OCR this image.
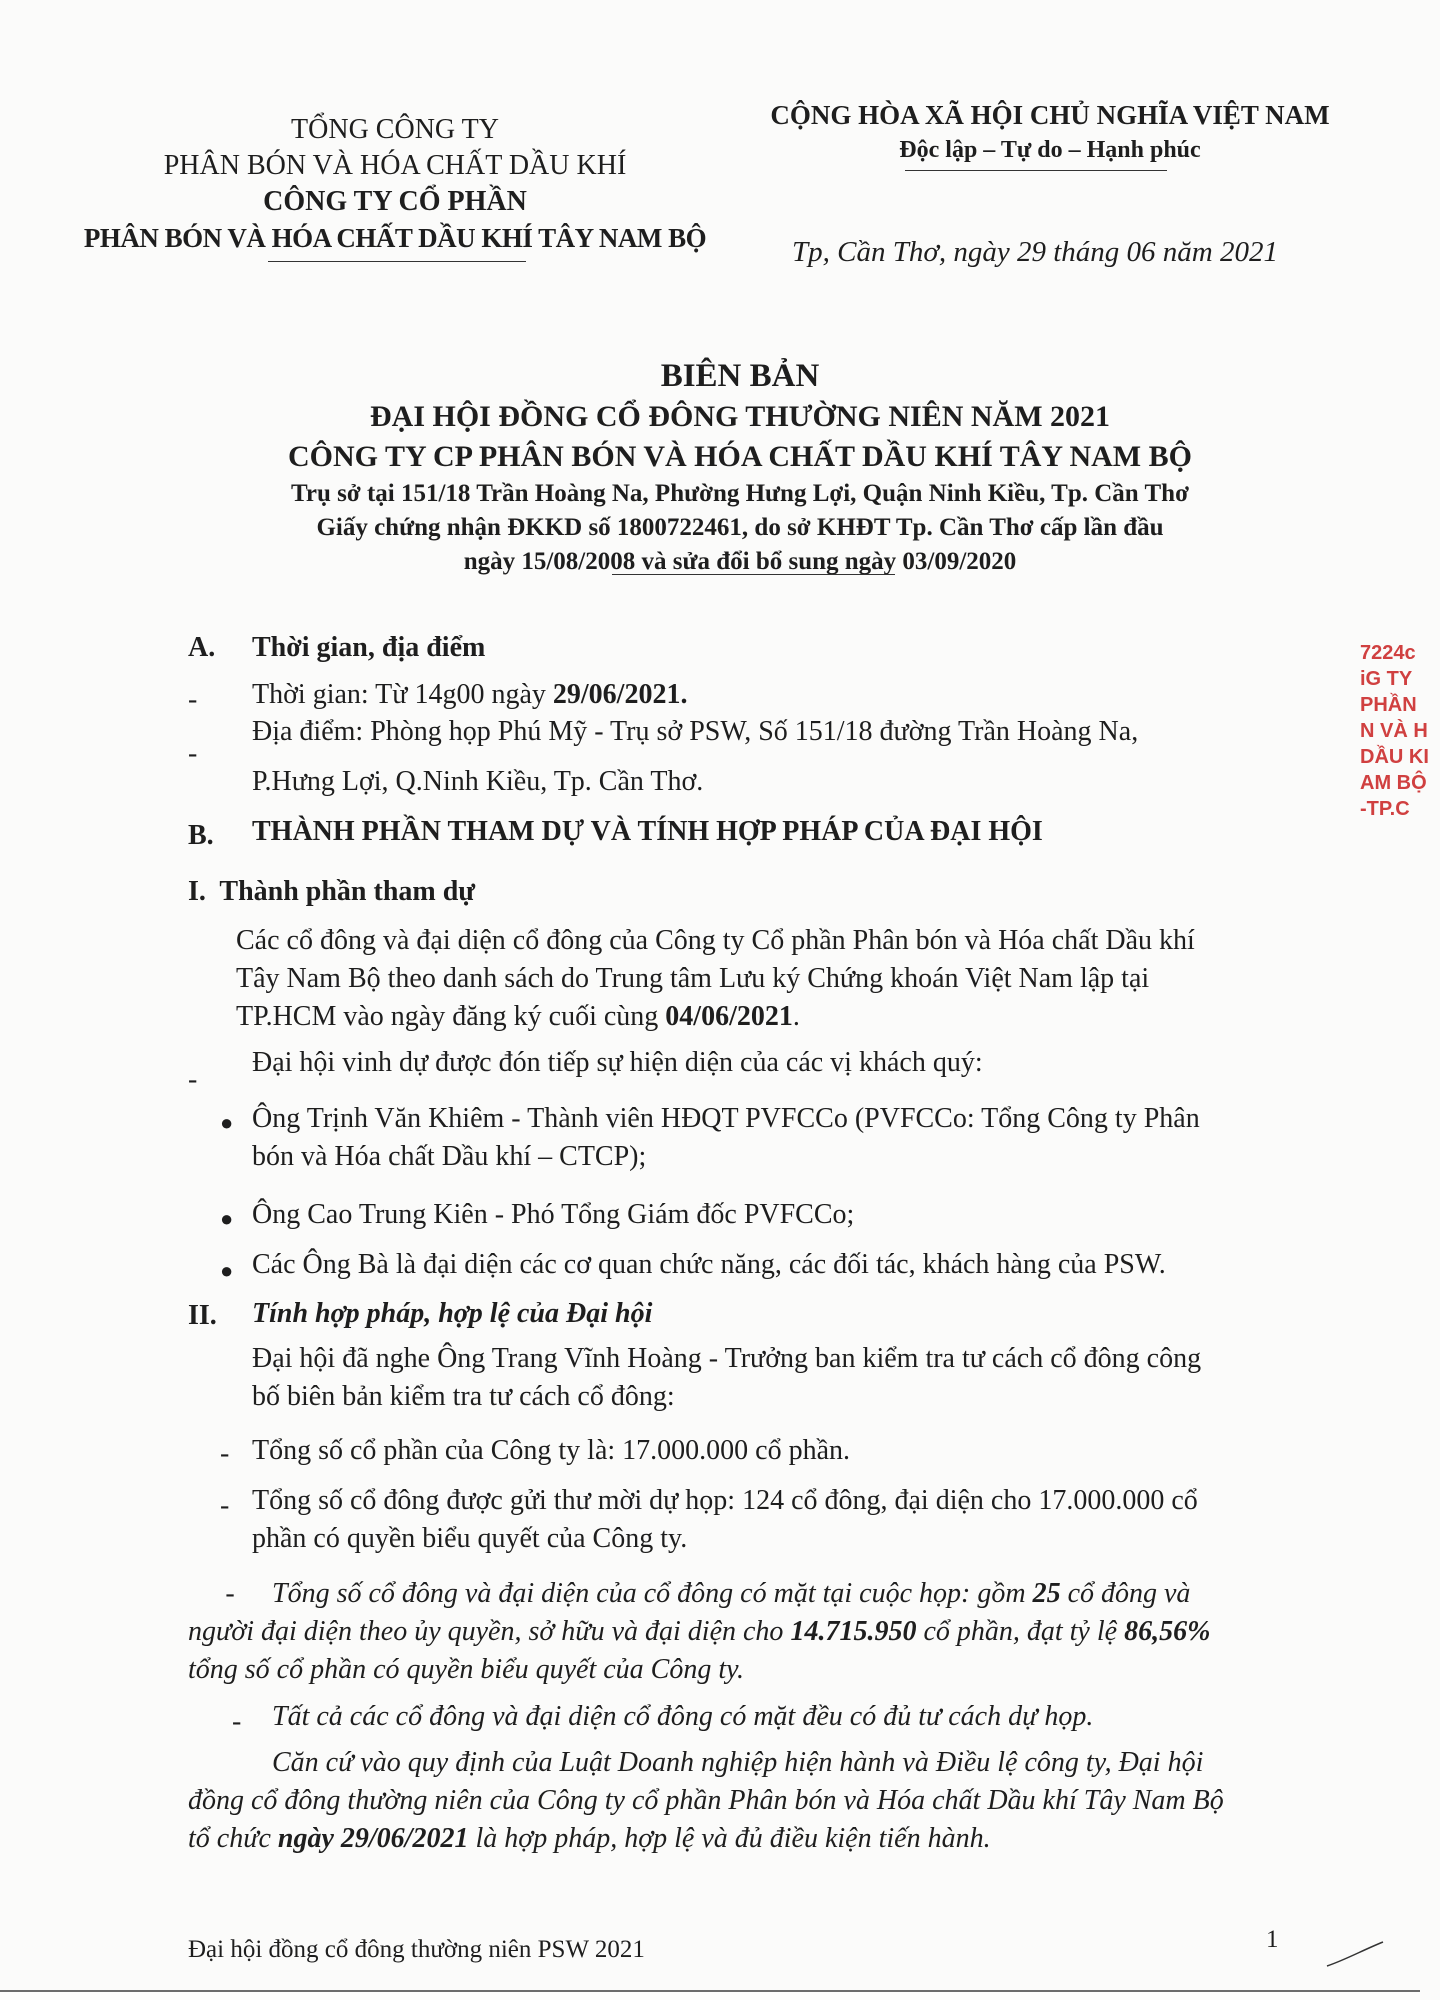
TỔNG CÔNG TY
PHÂN BÓN VÀ HÓA CHẤT DẦU KHÍ
CÔNG TY CỔ PHẦN
PHÂN BÓN VÀ HÓA CHẤT DẦU KHÍ TÂY NAM BỘ
CỘNG HÒA XÃ HỘI CHỦ NGHĨA VIỆT NAM
Độc lập – Tự do – Hạnh phúc
Tp, Cần Thơ, ngày 29 tháng 06 năm 2021
BIÊN BẢN
ĐẠI HỘI ĐỒNG CỔ ĐÔNG THƯỜNG NIÊN NĂM 2021
CÔNG TY CP PHÂN BÓN VÀ HÓA CHẤT DẦU KHÍ TÂY NAM BỘ
Trụ sở tại 151/18 Trần Hoàng Na, Phường Hưng Lợi, Quận Ninh Kiều, Tp. Cần Thơ
Giấy chứng nhận ĐKKD số 1800722461, do sở KHĐT Tp. Cần Thơ cấp lần đầu
ngày 15/08/2008 và sửa đổi bổ sung ngày 03/09/2020
A. Thời gian, địa điểm
- Thời gian: Từ 14g00 ngày 29/06/2021.
-
Địa điểm: Phòng họp Phú Mỹ - Trụ sở PSW, Số 151/18 đường Trần Hoàng Na,
P.Hưng Lợi, Q.Ninh Kiều, Tp. Cần Thơ.
B. THÀNH PHẦN THAM DỰ VÀ TÍNH HỢP PHÁP CỦA ĐẠI HỘI
I.  Thành phần tham dự
Các cổ đông và đại diện cổ đông của Công ty Cổ phần Phân bón và Hóa chất Dầu khí
Tây Nam Bộ theo danh sách do Trung tâm Lưu ký Chứng khoán Việt Nam lập tại
TP.HCM vào ngày đăng ký cuối cùng 04/06/2021.
-
Đại hội vinh dự được đón tiếp sự hiện diện của các vị khách quý:
● Ông Trịnh Văn Khiêm - Thành viên HĐQT PVFCCo (PVFCCo: Tổng Công ty Phân
bón và Hóa chất Dầu khí – CTCP);
● Ông Cao Trung Kiên - Phó Tổng Giám đốc PVFCCo;
● Các Ông Bà là đại diện các cơ quan chức năng, các đối tác, khách hàng của PSW.
II. Tính hợp pháp, hợp lệ của Đại hội
Đại hội đã nghe Ông Trang Vĩnh Hoàng - Trưởng ban kiểm tra tư cách cổ đông công
bố biên bản kiểm tra tư cách cổ đông:
- Tổng số cổ phần của Công ty là: 17.000.000 cổ phần.
- Tổng số cổ đông được gửi thư mời dự họp: 124 cổ đông, đại diện cho 17.000.000 cổ
phần có quyền biểu quyết của Công ty.
- Tổng số cổ đông và đại diện của cổ đông có mặt tại cuộc họp: gồm 25 cổ đông và
người đại diện theo ủy quyền, sở hữu và đại diện cho 14.715.950 cổ phần, đạt tỷ lệ 86,56%
tổng số cổ phần có quyền biểu quyết của Công ty.
- Tất cả các cổ đông và đại diện cổ đông có mặt đều có đủ tư cách dự họp.
Căn cứ vào quy định của Luật Doanh nghiệp hiện hành và Điều lệ công ty, Đại hội
đồng cổ đông thường niên của Công ty cổ phần Phân bón và Hóa chất Dầu khí Tây Nam Bộ
tổ chức ngày 29/06/2021 là hợp pháp, hợp lệ và đủ điều kiện tiến hành.
7224c
iG TY
PHẦN
N VÀ H
DẦU KI
AM BỘ
-TP.C
Đại hội đồng cổ đông thường niên PSW 2021	1
